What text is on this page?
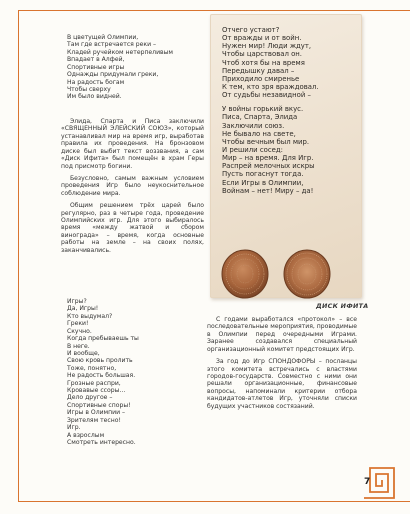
В цветущей Олимпии,
Там где встречается реки –
Кладей ручейком нетерпеливым
Впадает в Алфей,
Спортивные игры
Однажды придумали греки,
На радость богам
Чтобы сверху
Им было видней.

Элида, Спарта и Писа заключили «СВЯЩЕННЫЙ ЭЛЕЙСКИЙ СОЮЗ», который устанавливал мир на время игр, выработав правила их проведения. На бронзовом диске был выбит текст воззвания, а сам «Диск Ифита» был помещён в храм Геры под присмотр богини.

Безусловно, самым важным условием проведения Игр было неукоснительное соблюдение мира.

Общим решением трёх царей было регулярно, раз в четыре года, проведение Олимпийских игр. Для этого выбиралось время «между жатвой и сбором винограда» – время, когда основные работы на земле – на своих полях, заканчивались.

Игры?
Да, Игры!
Кто выдумал?
Греки!
Скучно.
Когда пребываешь ты
В неге.
И вообще,
Свою кровь пролить
Тоже, понятно,
Не радость большая.
Грозные распри,
Кровавые ссоры...
Дело другое –
Спортивные споры!
Игры в Олимпии –
Зрителям тесно!
Игр.
А взрослым
Смотреть интересно.
Отчего устают?
От вражды и от войн.
Нужен мир! Люди ждут,
Чтобы царствовал он.
Чтоб хотя бы на время
Передышку давал –
Приходило смиренье
К тем, кто зря враждовал.
От судьбы незавидной –
У войны горький вкус.
Писа, Спарта, Элида
Заключили союз.
Не бывало на свете,
Чтобы вечным был мир.
И решили сосед:
Мир – на время. Для Игр.
Распрей мелочных искры
Пусть погаснут тогда.
Если Игры в Олимпии,
Войнам – нет! Миру – да!
ДИСК ИФИТА

С годами выработался «протокол» – все последовательные мероприятия, проводимые в Олимпии перед очередными Играми. Заранее создавался специальный организационный комитет предстоящих Игр.

За год до Игр СПОНДОФОРЫ – посланцы этого комитета встречались с властями городов-государств. Совместно с ними они решали организационные, финансовые вопросы, напоминали критерии отбора кандидатов-атлетов Игр, уточняли списки будущих участников состязаний.

7
